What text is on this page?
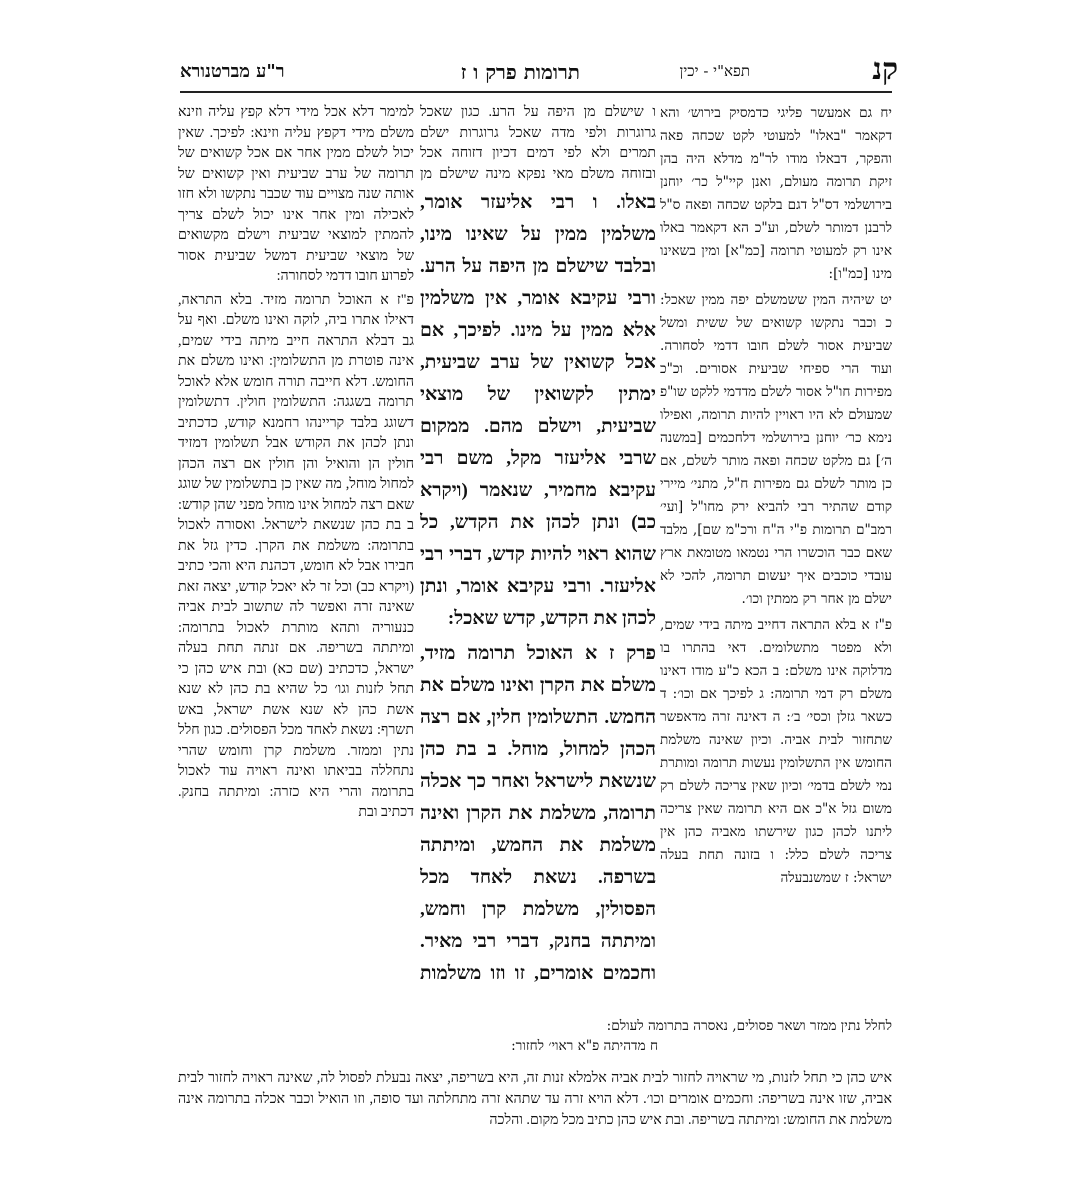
קנ
תפא"י - יכין
תרומות פרק ו ז
ר"ע מברטנורא

יח גם אמעשר פליגי כדמסיק בירוש׳ והא דקאמר "באלו" למעוטי לקט שכחה פאה והפקר, דבאלו מודו לר"מ מדלא היה בהן זיקת תרומה מעולם, ואנן קיי"ל כר׳ יוחנן בירושלמי דס"ל דגם בלקט שכחה ופאה ס"ל לרבנן דמותר לשלם, וע"כ הא דקאמר באלו אינו רק למעוטי תרומה [כמ"א] ומין בשאינו מינו [כמ"ו]:

יט שיהיה המין ששמשלם יפה ממין שאכל: כ וכבר נתקשו קשואים של ששית ומשל שביעית אסור לשלם חובו דדמי לסחורה. ועוד הרי ספיחי שביעית אסורים. וכ"כ מפירות חו"ל אסור לשלם מדדמי ללקט שו"פ שמעולם לא היו ראויין להיות תרומה, ואפילו נימא כר׳ יוחנן בירושלמי דלחכמים [במשנה ה׳] גם מלקט שכחה ופאה מותר לשלם, אם כן מותר לשלם גם מפירות ח"ל, מתני׳ מיירי קודם שהתיר רבי להביא ירק מחו"ל [ועי׳ רמב"ם תרומות פ"י ה"ח ורכ"מ שם], מלבד שאם כבר הוכשרו הרי נטמאו מטומאת ארץ עובדי כוכבים איך יעשום תרומה, להכי לא ישלם מן אחר רק ממתין וכו׳.

פ"ז א בלא התראה דחייב מיתה בידי שמים, ולא מפטר מתשלומים. דאי בהתרו בו מדלוקה אינו משלם: ב הכא כ"ע מודו דאינו משלם רק דמי תרומה: ג לפיכך אם וכו׳: ד כשאר גזלן וכסי׳ ב׳: ה דאינה זרה מדאפשר שתחזור לבית אביה. וכיון שאינה משלמת החומש אין התשלומין נעשות תרומה ומותרת נמי לשלם בדמי׳ וכיון שאין צריכה לשלם רק משום גזל א"כ אם היא תרומה שאין צריכה ליתנו לכהן כגון שירשתו מאביה כהן אין צריכה לשלם כלל: ו בזונה תחת בעלה ישראל: ז שמשנבעלה

ו שישלם מן היפה על הרע. כגון שאכל גרוגרות ולפי מדה שאכל גרוגרות ישלם תמרים ולא לפי דמים דכיון דזוחה אכל ובזוחה משלם מאי נפקא מינה שישלם מן

באלו. ו רבי אליעזר אומר, משלמין ממין על שאינו מינו, ובלבד שישלם מן היפה על הרע. ורבי עקיבא אומר, אין משלמין אלא ממין על מינו. לפיכך, אם אכל קשואין של ערב שביעית, ימתין לקשואין של מוצאי שביעית, וישלם מהם. ממקום שרבי אליעזר מקל, משם רבי עקיבא מחמיר, שנאמר (ויקרא כב) ונתן לכהן את הקדש, כל שהוא ראוי להיות קדש, דברי רבי אליעזר. ורבי עקיבא אומר, ונתן לכהן את הקדש, קדש שאכל:

פרק ז א האוכל תרומה מזיד, משלם את הקרן ואינו משלם את החמש. התשלומין חלין, אם רצה הכהן למחול, מוחל. ב בת כהן שנשאת לישראל ואחר כך אכלה תרומה, משלמת את הקרן ואינה משלמת את החמש, ומיתתה בשרפה. נשאת לאחד מכל הפסולין, משלמת קרן וחמש, ומיתתה בחנק, דברי רבי מאיר. וחכמים אומרים, זו וזו משלמות

למימר דלא אכל מידי דלא קפץ עליה וזינא משלם מידי דקפץ עליה וזינא: לפיכך. שאין יכול לשלם ממין אחר אם אכל קשואים של תרומה של ערב שביעית ואין קשואים של אותה שנה מצויים עוד שכבר נתקשו ולא חזו לאכילה ומין אחר אינו יכול לשלם צריך להמתין למוצאי שביעית וישלם מקשואים של מוצאי שביעית דמשל שביעית אסור לפרוע חובו דדמי לסחורה:

פ"ז א האוכל תרומה מזיד. בלא התראה, דאילו אתרו ביה, לוקה ואינו משלם. ואף על גב דבלא התראה חייב מיתה בידי שמים, אינה פוטרת מן התשלומין: ואינו משלם את החומש. דלא חייבה תורה חומש אלא לאוכל תרומה בשגגה: התשלומין חולין. דתשלומין דשוגג בלבד קריינהו רחמנא קודש, כדכתיב ונתן לכהן את הקודש אבל תשלומין דמזיד חולין הן והואיל והן חולין אם רצה הכהן למחול מוחל, מה שאין כן בתשלומין של שוגג שאם רצה למחול אינו מוחל מפני שהן קודש: ב בת כהן שנשאת לישראל. ואסורה לאכול בתרומה: משלמת את הקרן. כדין גזל את חבירו אבל לא חומש, דכהנת היא והכי כתיב (ויקרא כב) וכל זר לא יאכל קודש, יצאה זאת שאינה זרה ואפשר לה שתשוב לבית אביה כנעוריה ותהא מותרת לאכול בתרומה: ומיתתה בשריפה. אם זנתה תחת בעלה ישראל, כדכתיב (שם כא) ובת איש כהן כי תחל לזנות וגו׳ כל שהיא בת כהן לא שנא אשת כהן לא שנא אשת ישראל, באש תשרף: נשאת לאחד מכל הפסולים. כגון חלל נתין וממזר. משלמת קרן וחומש שהרי נתחללה בביאתו ואינה ראויה עוד לאכול בתרומה והרי היא כזרה: ומיתתה בחנק. דכתיב ובת

לחלל נתין ממזר ושאר פסולים, נאסרה בתרומה לעולם:
ח מדהיתה פ"א ראוי׳ לחזור:
איש כהן כי תחל לזנות, מי שראויה לחזור לבית אביה אלמלא זנות זה, היא בשריפה, יצאה נבעלת לפסול לה, שאינה ראויה לחזור לבית אביה, שזו אינה בשריפה: וחכמים אומרים וכו׳. דלא הויא זרה עד שתהא זרה מתחלתה ועד סופה, וזו הואיל וכבר אכלה בתרומה אינה משלמת את החומש: ומיתתה בשריפה. ובת איש כהן כתיב מכל מקום. והלכה
